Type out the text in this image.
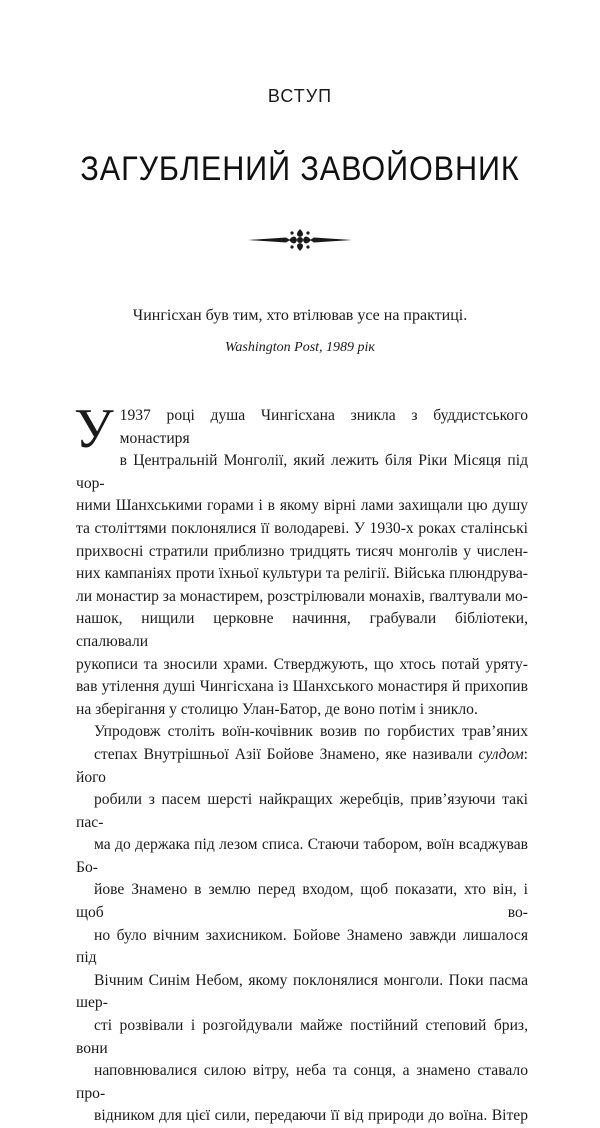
ВСТУП
ЗАГУБЛЕНИЙ ЗАВОЙОВНИК
Чингісхан був тим, хто втілював усе на практиці.
Washington Post, 1989 рік

У 1937 році душа Чингісхана зникла з буддистського монастиря
в Центральній Монголії, який лежить біля Ріки Місяця під чор-
ними Шанхськими горами і в якому вірні лами захищали цю душу
та століттями поклонялися її володареві. У 1930-х роках сталінські
прихвосні стратили приблизно тридцять тисяч монголів у числен-
них кампаніях проти їхньої культури та релігії. Війська плюндрува-
ли монастир за монастирем, розстрілювали монахів, ґвалтували мо-
нашок, нищили церковне начиння, грабували бібліотеки, спалювали
рукописи та зносили храми. Стверджують, що хтось потай урятy-
вав утілення душі Чингісхана із Шанхського монастиря й прихопив
на зберігання у столицю Улан-Батор, де воно потім і зникло.

Упродовж століть воїн-кочівник возив по горбистих трав’яних
степах Внутрішньої Азії Бойове Знамено, яке називали сулдом: його
робили з пасем шерсті найкращих жеребців, прив’язуючи такі пас-
ма до держака під лезом списа. Стаючи табором, воїн всаджував Бо-
йове Знамено в землю перед входом, щоб показати, хто він, і щоб во-
но було вічним захисником. Бойове Знамено завжди лишалося під
Вічним Синім Небом, якому поклонялися монголи. Поки пасма шер-
сті розвівали і розгойдували майже постійний степовий бриз, вони
наповнювалися силою вітру, неба та сонця, а знамено ставало про-
відником для цієї сили, передаючи її від природи до воїна. Вітер
